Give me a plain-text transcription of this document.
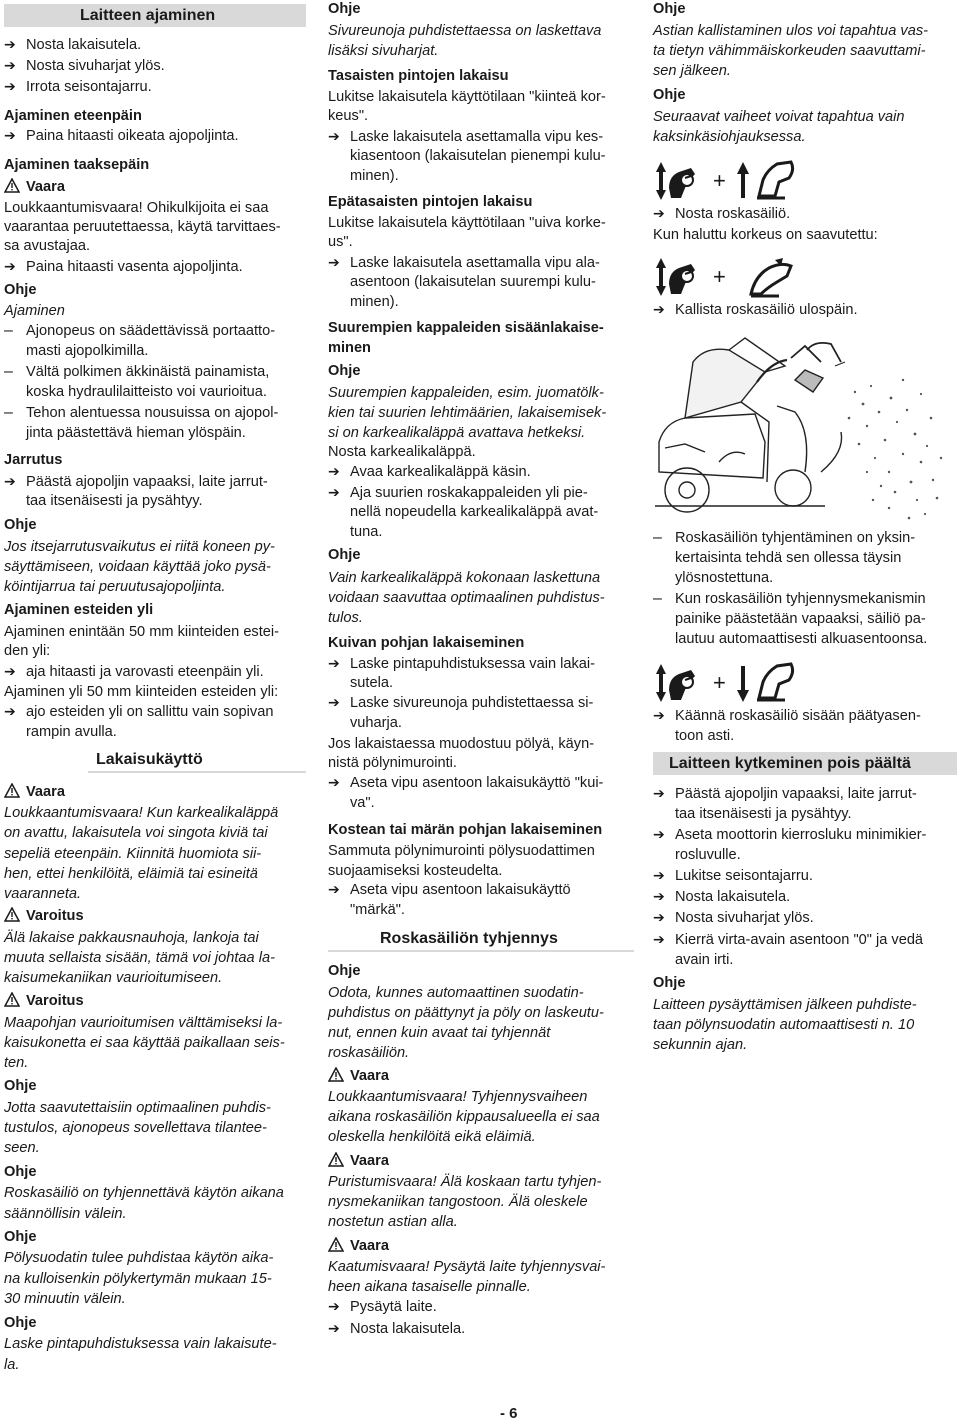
Laitteen ajaminen
➔ Nosta lakaisutela.
➔ Nosta sivuharjat ylös.
➔ Irrota seisontajarru.
Ajaminen eteenpäin
➔ Paina hitaasti oikeata ajopoljinta.
Ajaminen taaksepäin
Vaara
Loukkaantumisvaara! Ohikulkijoita ei saa
vaarantaa peruutettaessa, käytä tarvittaes-
sa avustajaa.
➔ Paina hitaasti vasenta ajopoljinta.
Ohje
Ajaminen
– Ajonopeus on säädettävissä portaatto-
masti ajopolkimilla.
– Vältä polkimen äkkinäistä painamista,
koska hydraulilaitteisto voi vaurioitua.
– Tehon alentuessa nousuissa on ajopol-
jinta päästettävä hieman ylöspäin.
Jarrutus
➔ Päästä ajopoljin vapaaksi, laite jarrut-
taa itsenäisesti ja pysähtyy.
Ohje
Jos itsejarrutusvaikutus ei riitä koneen py-
säyttämiseen, voidaan käyttää joko pysä-
köintijarrua tai peruutusajopoljinta.
Ajaminen esteiden yli
Ajaminen enintään 50 mm kiinteiden estei-
den yli:
➔ aja hitaasti ja varovasti eteenpäin yli.
Ajaminen yli 50 mm kiinteiden esteiden yli:
➔ ajo esteiden yli on sallittu vain sopivan
rampin avulla.
Lakaisukäyttö
Vaara
Loukkaantumisvaara! Kun karkealikaläppä
on avattu, lakaisutela voi singota kiviä tai
sepeliä eteenpäin. Kiinnitä huomiota sii-
hen, ettei henkilöitä, eläimiä tai esineitä
vaaranneta.
Varoitus
Älä lakaise pakkausnauhoja, lankoja tai
muuta sellaista sisään, tämä voi johtaa la-
kaisumekaniikan vaurioitumiseen.
Varoitus
Maapohjan vaurioitumisen välttämiseksi la-
kaisukonetta ei saa käyttää paikallaan seis-
ten.
Ohje
Jotta saavutettaisiin optimaalinen puhdis-
tustulos, ajonopeus sovellettava tilantee-
seen.
Ohje
Roskasäiliö on tyhjennettävä käytön aikana
säännöllisin välein.
Ohje
Pölysuodatin tulee puhdistaa käytön aika-
na kulloisenkin pölykertymän mukaan 15-
30 minuutin välein.
Ohje
Laske pintapuhdistuksessa vain lakaisute-
la.
Ohje
Sivureunoja puhdistettaessa on laskettava
lisäksi sivuharjat.
Tasaisten pintojen lakaisu
Lukitse lakaisutela käyttötilaan "kiinteä kor-
keus".
➔ Laske lakaisutela asettamalla vipu kes-
kiasentoon (lakaisutelan pienempi kulu-
minen).
Epätasaisten pintojen lakaisu
Lukitse lakaisutela käyttötilaan "uiva korke-
us".
➔ Laske lakaisutela asettamalla vipu ala-
asentoon (lakaisutelan suurempi kulu-
minen).
Suurempien kappaleiden sisäänlakaise-
minen
Ohje
Suurempien kappaleiden, esim. juomatölk-
kien tai suurien lehtimäärien, lakaisemisek-
si on karkealikaläppä avattava hetkeksi.
Nosta karkealikaläppä.
➔ Avaa karkealikaläppä käsin.
➔ Aja suurien roskakappaleiden yli pie-
nellä nopeudella karkealikaläppä avat-
tuna.
Ohje
Vain karkealikaläppä kokonaan laskettuna
voidaan saavuttaa optimaalinen puhdistus-
tulos.
Kuivan pohjan lakaiseminen
➔ Laske pintapuhdistuksessa vain lakai-
sutela.
➔ Laske sivureunoja puhdistettaessa si-
vuharja.
Jos lakaistaessa muodostuu pölyä, käyn-
nistä pölynimurointi.
➔ Aseta vipu asentoon lakaisukäyttö "kui-
va".
Kostean tai märän pohjan lakaiseminen
Sammuta pölynimurointi pölysuodattimen
suojaamiseksi kosteudelta.
➔ Aseta vipu asentoon lakaisukäyttö
"märkä".
Roskasäiliön tyhjennys
Ohje
Odota, kunnes automaattinen suodatin-
puhdistus on päättynyt ja pöly on laskeutu-
nut, ennen kuin avaat tai tyhjennät
roskasäiliön.
Vaara
Loukkaantumisvaara! Tyhjennysvaiheen
aikana roskasäiliön kippausalueella ei saa
oleskella henkilöitä eikä eläimiä.
Vaara
Puristumisvaara! Älä koskaan tartu tyhjen-
nysmekaniikan tangostoon. Älä oleskele
nostetun astian alla.
Vaara
Kaatumisvaara! Pysäytä laite tyhjennysvai-
heen aikana tasaiselle pinnalle.
➔ Pysäytä laite.
➔ Nosta lakaisutela.
Ohje
Astian kallistaminen ulos voi tapahtua vas-
ta tietyn vähimmäiskorkeuden saavuttami-
sen jälkeen.
Ohje
Seuraavat vaiheet voivat tapahtua vain
kaksinkäsiohjauksessa.
+
➔ Nosta roskasäiliö.
Kun haluttu korkeus on saavutettu:
+
➔ Kallista roskasäiliö ulospäin.
– Roskasäiliön tyhjentäminen on yksin-
kertaisinta tehdä sen ollessa täysin
ylösnostettuna.
– Kun roskasäiliön tyhjennysmekanismin
painike päästetään vapaaksi, säiliö pa-
lautuu automaattisesti alkuasentoonsa.
+
➔ Käännä roskasäiliö sisään päätyasen-
toon asti.
Laitteen kytkeminen pois päältä
➔ Päästä ajopoljin vapaaksi, laite jarrut-
taa itsenäisesti ja pysähtyy.
➔ Aseta moottorin kierrosluku minimikier-
rosluvulle.
➔ Lukitse seisontajarru.
➔ Nosta lakaisutela.
➔ Nosta sivuharjat ylös.
➔ Kierrä virta-avain asentoon "0" ja vedä
avain irti.
Ohje
Laitteen pysäyttämisen jälkeen puhdiste-
taan pölynsuodatin automaattisesti n. 10
sekunnin ajan.
- 6
